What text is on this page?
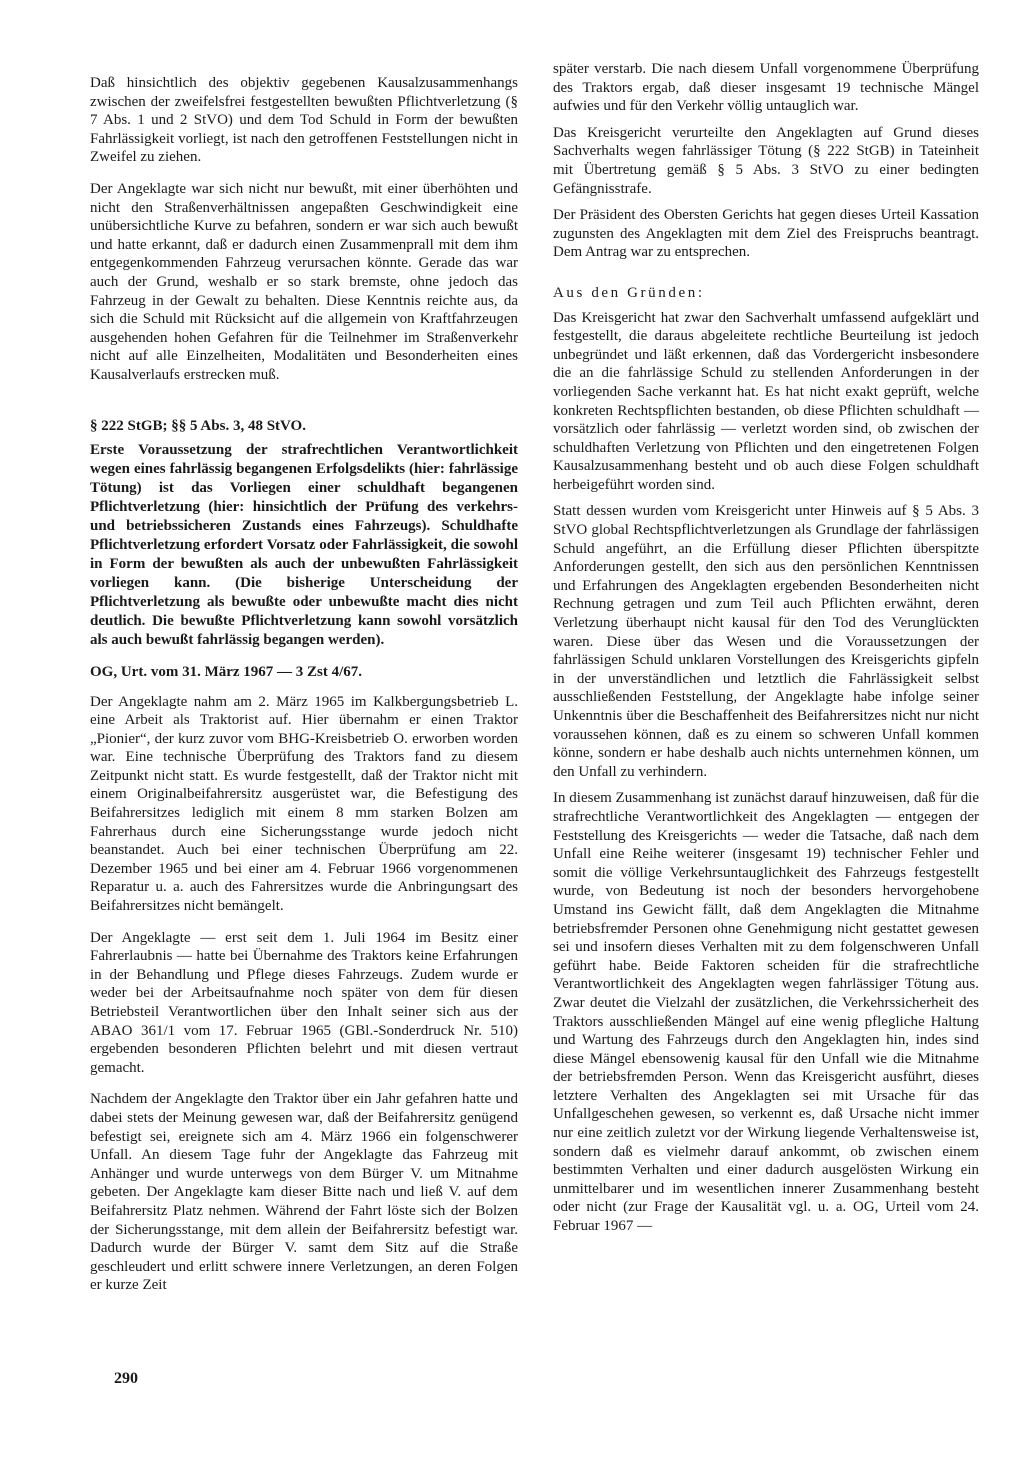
Daß hinsichtlich des objektiv gegebenen Kausalzusammenhangs zwischen der zweifelsfrei festgestellten bewußten Pflichtverletzung (§ 7 Abs. 1 und 2 StVO) und dem Tod Schuld in Form der bewußten Fahrlässigkeit vorliegt, ist nach den getroffenen Feststellungen nicht in Zweifel zu ziehen.

Der Angeklagte war sich nicht nur bewußt, mit einer überhöhten und nicht den Straßenverhältnissen angepaßten Geschwindigkeit eine unübersichtliche Kurve zu befahren, sondern er war sich auch bewußt und hatte erkannt, daß er dadurch einen Zusammenprall mit dem ihm entgegenkommenden Fahrzeug verursachen könnte. Gerade das war auch der Grund, weshalb er so stark bremste, ohne jedoch das Fahrzeug in der Gewalt zu behalten. Diese Kenntnis reichte aus, da sich die Schuld mit Rücksicht auf die allgemein von Kraftfahrzeugen ausgehenden hohen Gefahren für die Teilnehmer im Straßenverkehr nicht auf alle Einzelheiten, Modalitäten und Besonderheiten eines Kausalverlaufs erstrecken muß.

§ 222 StGB; §§ 5 Abs. 3, 48 StVO.
Erste Voraussetzung der strafrechtlichen Verantwortlichkeit wegen eines fahrlässig begangenen Erfolgsdelikts (hier: fahrlässige Tötung) ist das Vorliegen einer schuldhaft begangenen Pflichtverletzung (hier: hinsichtlich der Prüfung des verkehrs- und betriebssicheren Zustands eines Fahrzeugs). Schuldhafte Pflichtverletzung erfordert Vorsatz oder Fahrlässigkeit, die sowohl in Form der bewußten als auch der unbewußten Fahrlässigkeit vorliegen kann. (Die bisherige Unterscheidung der Pflichtverletzung als bewußte oder unbewußte macht dies nicht deutlich. Die bewußte Pflichtverletzung kann sowohl vorsätzlich als auch bewußt fahrlässig begangen werden).
OG, Urt. vom 31. März 1967 — 3 Zst 4/67.

Der Angeklagte nahm am 2. März 1965 im Kalkbergungsbetrieb L. eine Arbeit als Traktorist auf. Hier übernahm er einen Traktor „Pionier“, der kurz zuvor vom BHG-Kreisbetrieb O. erworben worden war. Eine technische Überprüfung des Traktors fand zu diesem Zeitpunkt nicht statt. Es wurde festgestellt, daß der Traktor nicht mit einem Originalbeifahrersitz ausgerüstet war, die Befestigung des Beifahrersitzes lediglich mit einem 8 mm starken Bolzen am Fahrerhaus durch eine Sicherungsstange wurde jedoch nicht beanstandet. Auch bei einer technischen Überprüfung am 22. Dezember 1965 und bei einer am 4. Februar 1966 vorgenommenen Reparatur u. a. auch des Fahrersitzes wurde die Anbringungsart des Beifahrersitzes nicht bemängelt.

Der Angeklagte — erst seit dem 1. Juli 1964 im Besitz einer Fahrerlaubnis — hatte bei Übernahme des Traktors keine Erfahrungen in der Behandlung und Pflege dieses Fahrzeugs. Zudem wurde er weder bei der Arbeitsaufnahme noch später von dem für diesen Betriebsteil Verantwortlichen über den Inhalt seiner sich aus der ABAO 361/1 vom 17. Februar 1965 (GBl.-Sonderdruck Nr. 510) ergebenden besonderen Pflichten belehrt und mit diesen vertraut gemacht.

Nachdem der Angeklagte den Traktor über ein Jahr gefahren hatte und dabei stets der Meinung gewesen war, daß der Beifahrersitz genügend befestigt sei, ereignete sich am 4. März 1966 ein folgenschwerer Unfall. An diesem Tage fuhr der Angeklagte das Fahrzeug mit Anhänger und wurde unterwegs von dem Bürger V. um Mitnahme gebeten. Der Angeklagte kam dieser Bitte nach und ließ V. auf dem Beifahrersitz Platz nehmen. Während der Fahrt löste sich der Bolzen der Sicherungsstange, mit dem allein der Beifahrersitz befestigt war. Dadurch wurde der Bürger V. samt dem Sitz auf die Straße geschleudert und erlitt schwere innere Verletzungen, an deren Folgen er kurze Zeit

später verstarb. Die nach diesem Unfall vorgenommene Überprüfung des Traktors ergab, daß dieser insgesamt 19 technische Mängel aufwies und für den Verkehr völlig untauglich war.

Das Kreisgericht verurteilte den Angeklagten auf Grund dieses Sachverhalts wegen fahrlässiger Tötung (§ 222 StGB) in Tateinheit mit Übertretung gemäß § 5 Abs. 3 StVO zu einer bedingten Gefängnisstrafe.

Der Präsident des Obersten Gerichts hat gegen dieses Urteil Kassation zugunsten des Angeklagten mit dem Ziel des Freispruchs beantragt. Dem Antrag war zu entsprechen.

Aus den Gründen:

Das Kreisgericht hat zwar den Sachverhalt umfassend aufgeklärt und festgestellt, die daraus abgeleitete rechtliche Beurteilung ist jedoch unbegründet und läßt erkennen, daß das Vordergericht insbesondere die an die fahrlässige Schuld zu stellenden Anforderungen in der vorliegenden Sache verkannt hat. Es hat nicht exakt geprüft, welche konkreten Rechtspflichten bestanden, ob diese Pflichten schuldhaft — vorsätzlich oder fahrlässig — verletzt worden sind, ob zwischen der schuldhaften Verletzung von Pflichten und den eingetretenen Folgen Kausalzusammenhang besteht und ob auch diese Folgen schuldhaft herbeigeführt worden sind.

Statt dessen wurden vom Kreisgericht unter Hinweis auf § 5 Abs. 3 StVO global Rechtspflichtverletzungen als Grundlage der fahrlässigen Schuld angeführt, an die Erfüllung dieser Pflichten überspitzte Anforderungen gestellt, den sich aus den persönlichen Kenntnissen und Erfahrungen des Angeklagten ergebenden Besonderheiten nicht Rechnung getragen und zum Teil auch Pflichten erwähnt, deren Verletzung überhaupt nicht kausal für den Tod des Verunglückten waren. Diese über das Wesen und die Voraussetzungen der fahrlässigen Schuld unklaren Vorstellungen des Kreisgerichts gipfeln in der unverständlichen und letztlich die Fahrlässigkeit selbst ausschließenden Feststellung, der Angeklagte habe infolge seiner Unkenntnis über die Beschaffenheit des Beifahrersitzes nicht nur nicht voraussehen können, daß es zu einem so schweren Unfall kommen könne, sondern er habe deshalb auch nichts unternehmen können, um den Unfall zu verhindern.

In diesem Zusammenhang ist zunächst darauf hinzuweisen, daß für die strafrechtliche Verantwortlichkeit des Angeklagten — entgegen der Feststellung des Kreisgerichts — weder die Tatsache, daß nach dem Unfall eine Reihe weiterer (insgesamt 19) technischer Fehler und somit die völlige Verkehrsuntauglichkeit des Fahrzeugs festgestellt wurde, von Bedeutung ist noch der besonders hervorgehobene Umstand ins Gewicht fällt, daß dem Angeklagten die Mitnahme betriebsfremder Personen ohne Genehmigung nicht gestattet gewesen sei und insofern dieses Verhalten mit zu dem folgenschweren Unfall geführt habe. Beide Faktoren scheiden für die strafrechtliche Verantwortlichkeit des Angeklagten wegen fahrlässiger Tötung aus. Zwar deutet die Vielzahl der zusätzlichen, die Verkehrssicherheit des Traktors ausschließenden Mängel auf eine wenig pflegliche Haltung und Wartung des Fahrzeugs durch den Angeklagten hin, indes sind diese Mängel ebensowenig kausal für den Unfall wie die Mitnahme der betriebsfremden Person. Wenn das Kreisgericht ausführt, dieses letztere Verhalten des Angeklagten sei mit Ursache für das Unfallgeschehen gewesen, so verkennt es, daß Ursache nicht immer nur eine zeitlich zuletzt vor der Wirkung liegende Verhaltensweise ist, sondern daß es vielmehr darauf ankommt, ob zwischen einem bestimmten Verhalten und einer dadurch ausgelösten Wirkung ein unmittelbarer und im wesentlichen innerer Zusammenhang besteht oder nicht (zur Frage der Kausalität vgl. u. a. OG, Urteil vom 24. Februar 1967 —

290
